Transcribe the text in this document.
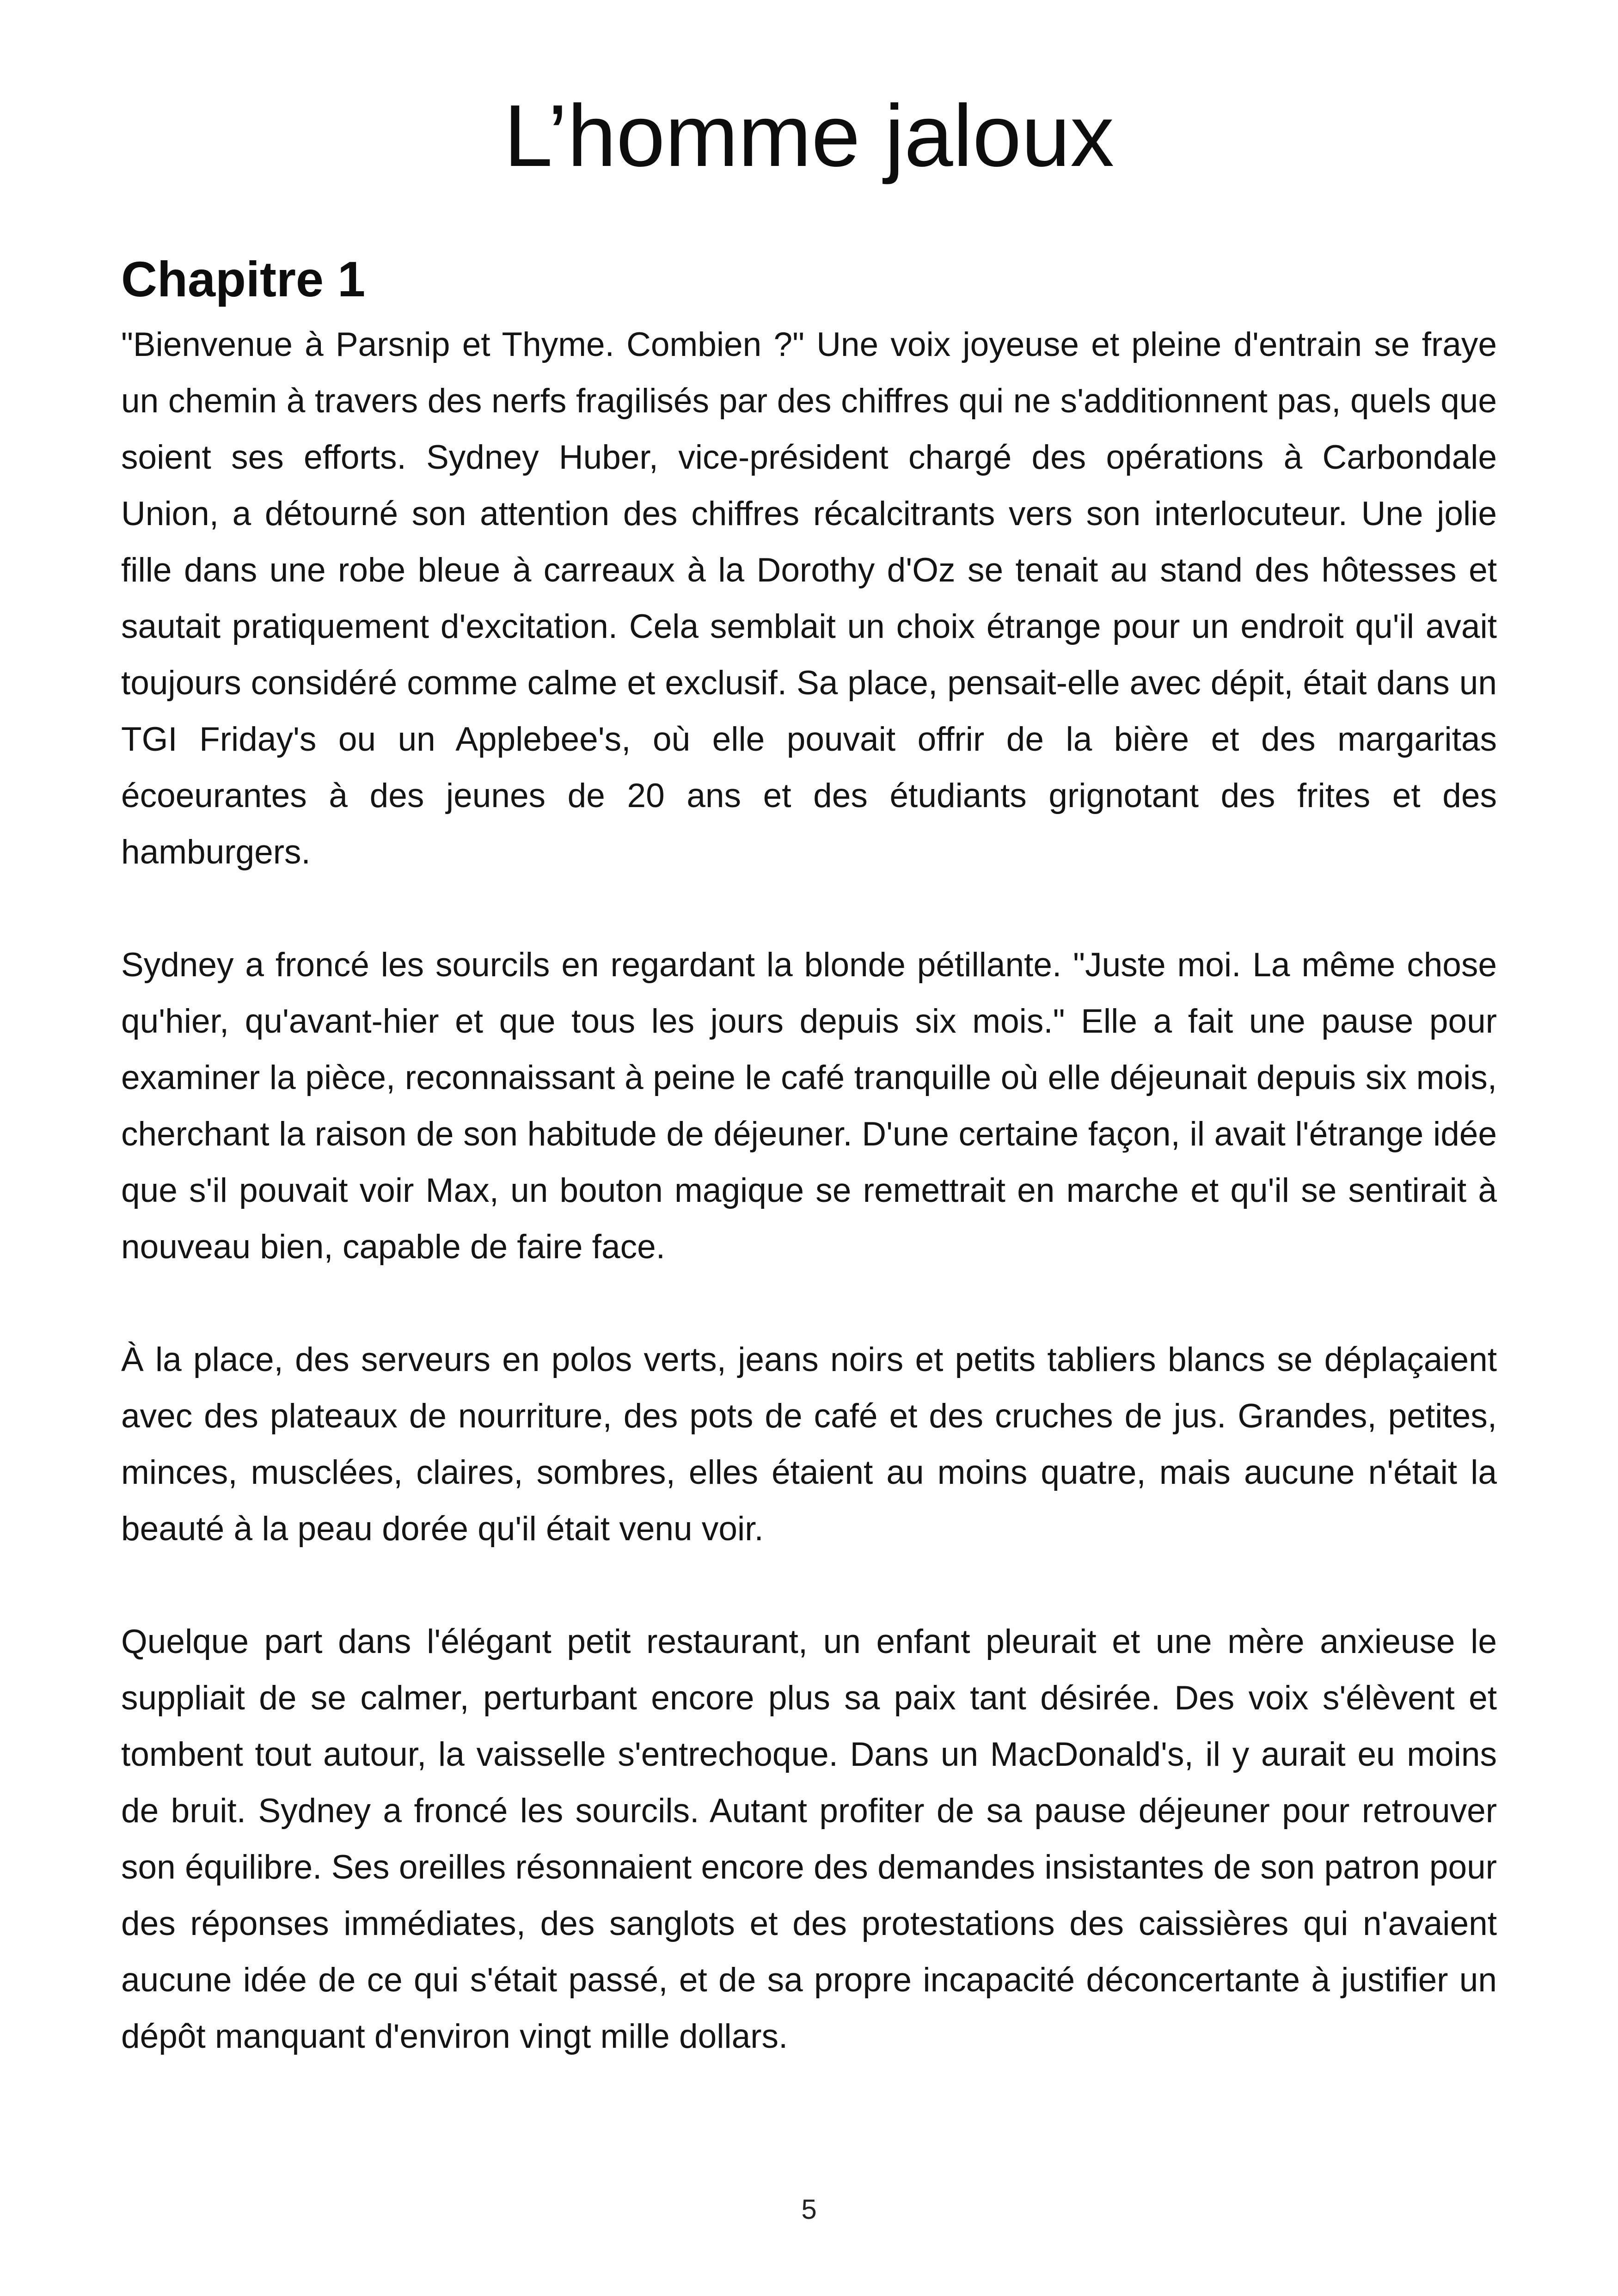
L’homme jaloux
Chapitre 1

"Bienvenue à Parsnip et Thyme. Combien ?" Une voix joyeuse et pleine d'entrain se fraye un chemin à travers des nerfs fragilisés par des chiffres qui ne s'additionnent pas, quels que soient ses efforts. Sydney Huber, vice-président chargé des opérations à Carbondale Union, a détourné son attention des chiffres récalcitrants vers son interlocuteur. Une jolie fille dans une robe bleue à carreaux à la Dorothy d'Oz se tenait au stand des hôtesses et sautait pratiquement d'excitation. Cela semblait un choix étrange pour un endroit qu'il avait toujours considéré comme calme et exclusif. Sa place, pensait-elle avec dépit, était dans un TGI Friday's ou un Applebee's, où elle pouvait offrir de la bière et des margaritas écoeurantes à des jeunes de 20 ans et des étudiants grignotant des frites et des hamburgers.

Sydney a froncé les sourcils en regardant la blonde pétillante. "Juste moi. La même chose qu'hier, qu'avant-hier et que tous les jours depuis six mois." Elle a fait une pause pour examiner la pièce, reconnaissant à peine le café tranquille où elle déjeunait depuis six mois, cherchant la raison de son habitude de déjeuner. D'une certaine façon, il avait l'étrange idée que s'il pouvait voir Max, un bouton magique se remettrait en marche et qu'il se sentirait à nouveau bien, capable de faire face.

À la place, des serveurs en polos verts, jeans noirs et petits tabliers blancs se déplaçaient avec des plateaux de nourriture, des pots de café et des cruches de jus. Grandes, petites, minces, musclées, claires, sombres, elles étaient au moins quatre, mais aucune n'était la beauté à la peau dorée qu'il était venu voir.

Quelque part dans l'élégant petit restaurant, un enfant pleurait et une mère anxieuse le suppliait de se calmer, perturbant encore plus sa paix tant désirée. Des voix s'élèvent et tombent tout autour, la vaisselle s'entrechoque. Dans un MacDonald's, il y aurait eu moins de bruit. Sydney a froncé les sourcils. Autant profiter de sa pause déjeuner pour retrouver son équilibre. Ses oreilles résonnaient encore des demandes insistantes de son patron pour des réponses immédiates, des sanglots et des protestations des caissières qui n'avaient aucune idée de ce qui s'était passé, et de sa propre incapacité déconcertante à justifier un dépôt manquant d'environ vingt mille dollars.

5
